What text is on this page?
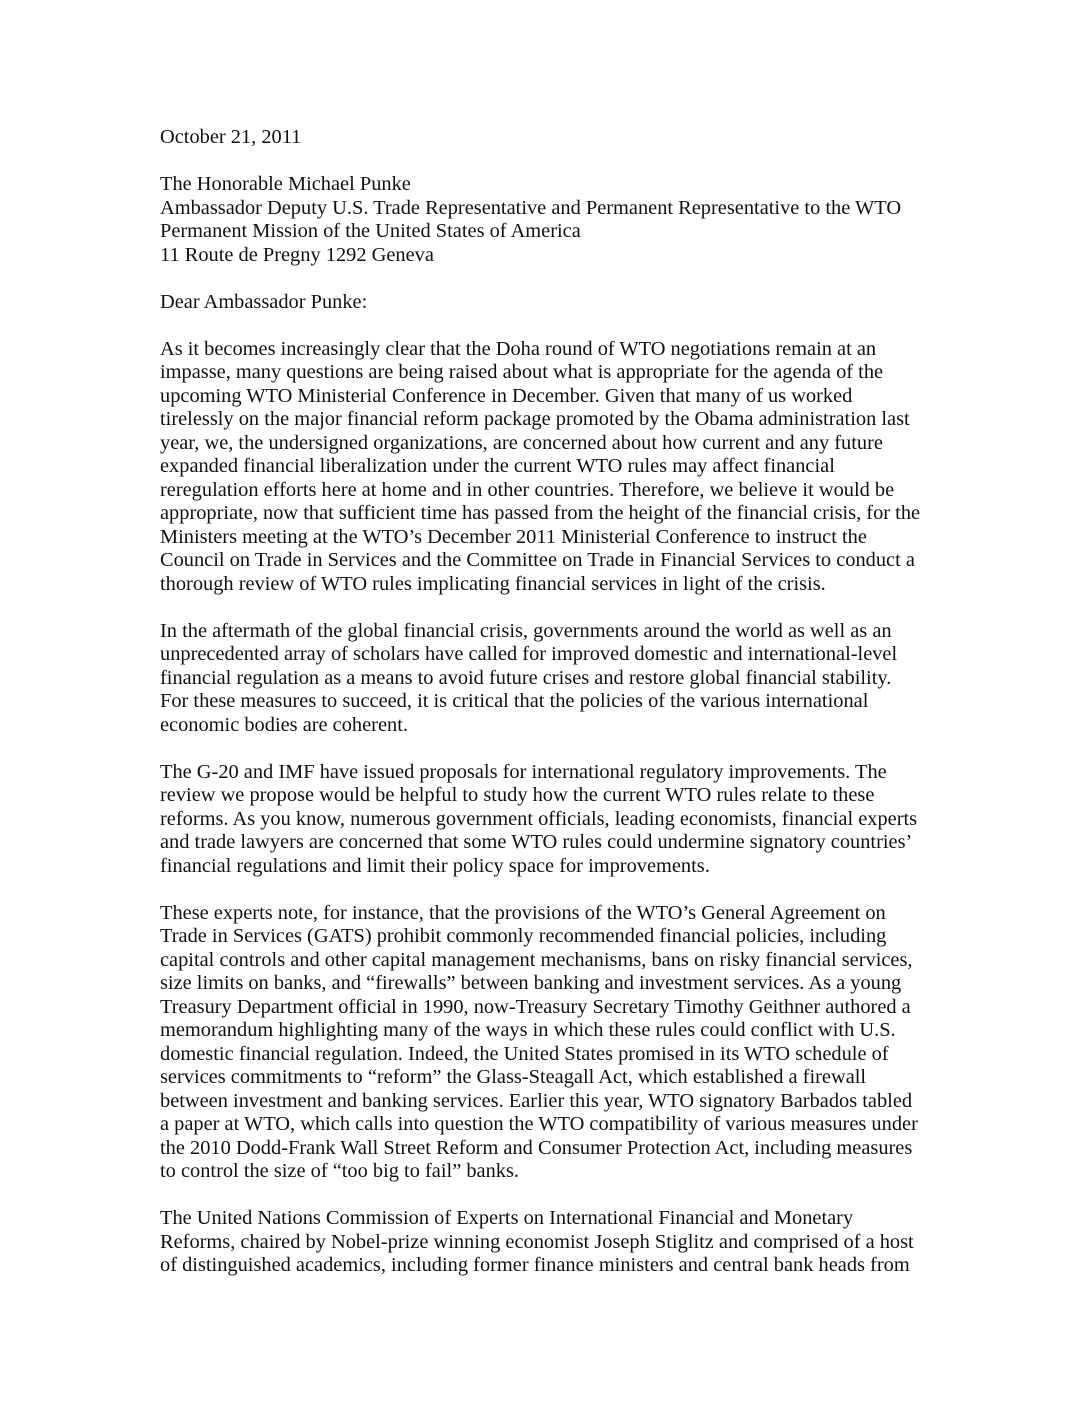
October 21, 2011
The Honorable Michael Punke
Ambassador Deputy U.S. Trade Representative and Permanent Representative to the WTO
Permanent Mission of the United States of America
11 Route de Pregny 1292 Geneva
Dear Ambassador Punke:
As it becomes increasingly clear that the Doha round of WTO negotiations remain at an
impasse, many questions are being raised about what is appropriate for the agenda of the
upcoming WTO Ministerial Conference in December. Given that many of us worked
tirelessly on the major financial reform package promoted by the Obama administration last
year, we, the undersigned organizations, are concerned about how current and any future
expanded financial liberalization under the current WTO rules may affect financial
reregulation efforts here at home and in other countries. Therefore, we believe it would be
appropriate, now that sufficient time has passed from the height of the financial crisis, for the
Ministers meeting at the WTO’s December 2011 Ministerial Conference to instruct the
Council on Trade in Services and the Committee on Trade in Financial Services to conduct a
thorough review of WTO rules implicating financial services in light of the crisis.
In the aftermath of the global financial crisis, governments around the world as well as an
unprecedented array of scholars have called for improved domestic and international-level
financial regulation as a means to avoid future crises and restore global financial stability.
For these measures to succeed, it is critical that the policies of the various international
economic bodies are coherent.
The G-20 and IMF have issued proposals for international regulatory improvements. The
review we propose would be helpful to study how the current WTO rules relate to these
reforms. As you know, numerous government officials, leading economists, financial experts
and trade lawyers are concerned that some WTO rules could undermine signatory countries’
financial regulations and limit their policy space for improvements.
These experts note, for instance, that the provisions of the WTO’s General Agreement on
Trade in Services (GATS) prohibit commonly recommended financial policies, including
capital controls and other capital management mechanisms, bans on risky financial services,
size limits on banks, and “firewalls” between banking and investment services. As a young
Treasury Department official in 1990, now-Treasury Secretary Timothy Geithner authored a
memorandum highlighting many of the ways in which these rules could conflict with U.S.
domestic financial regulation. Indeed, the United States promised in its WTO schedule of
services commitments to “reform” the Glass-Steagall Act, which established a firewall
between investment and banking services. Earlier this year, WTO signatory Barbados tabled
a paper at WTO, which calls into question the WTO compatibility of various measures under
the 2010 Dodd-Frank Wall Street Reform and Consumer Protection Act, including measures
to control the size of “too big to fail” banks.
The United Nations Commission of Experts on International Financial and Monetary
Reforms, chaired by Nobel-prize winning economist Joseph Stiglitz and comprised of a host
of distinguished academics, including former finance ministers and central bank heads from
